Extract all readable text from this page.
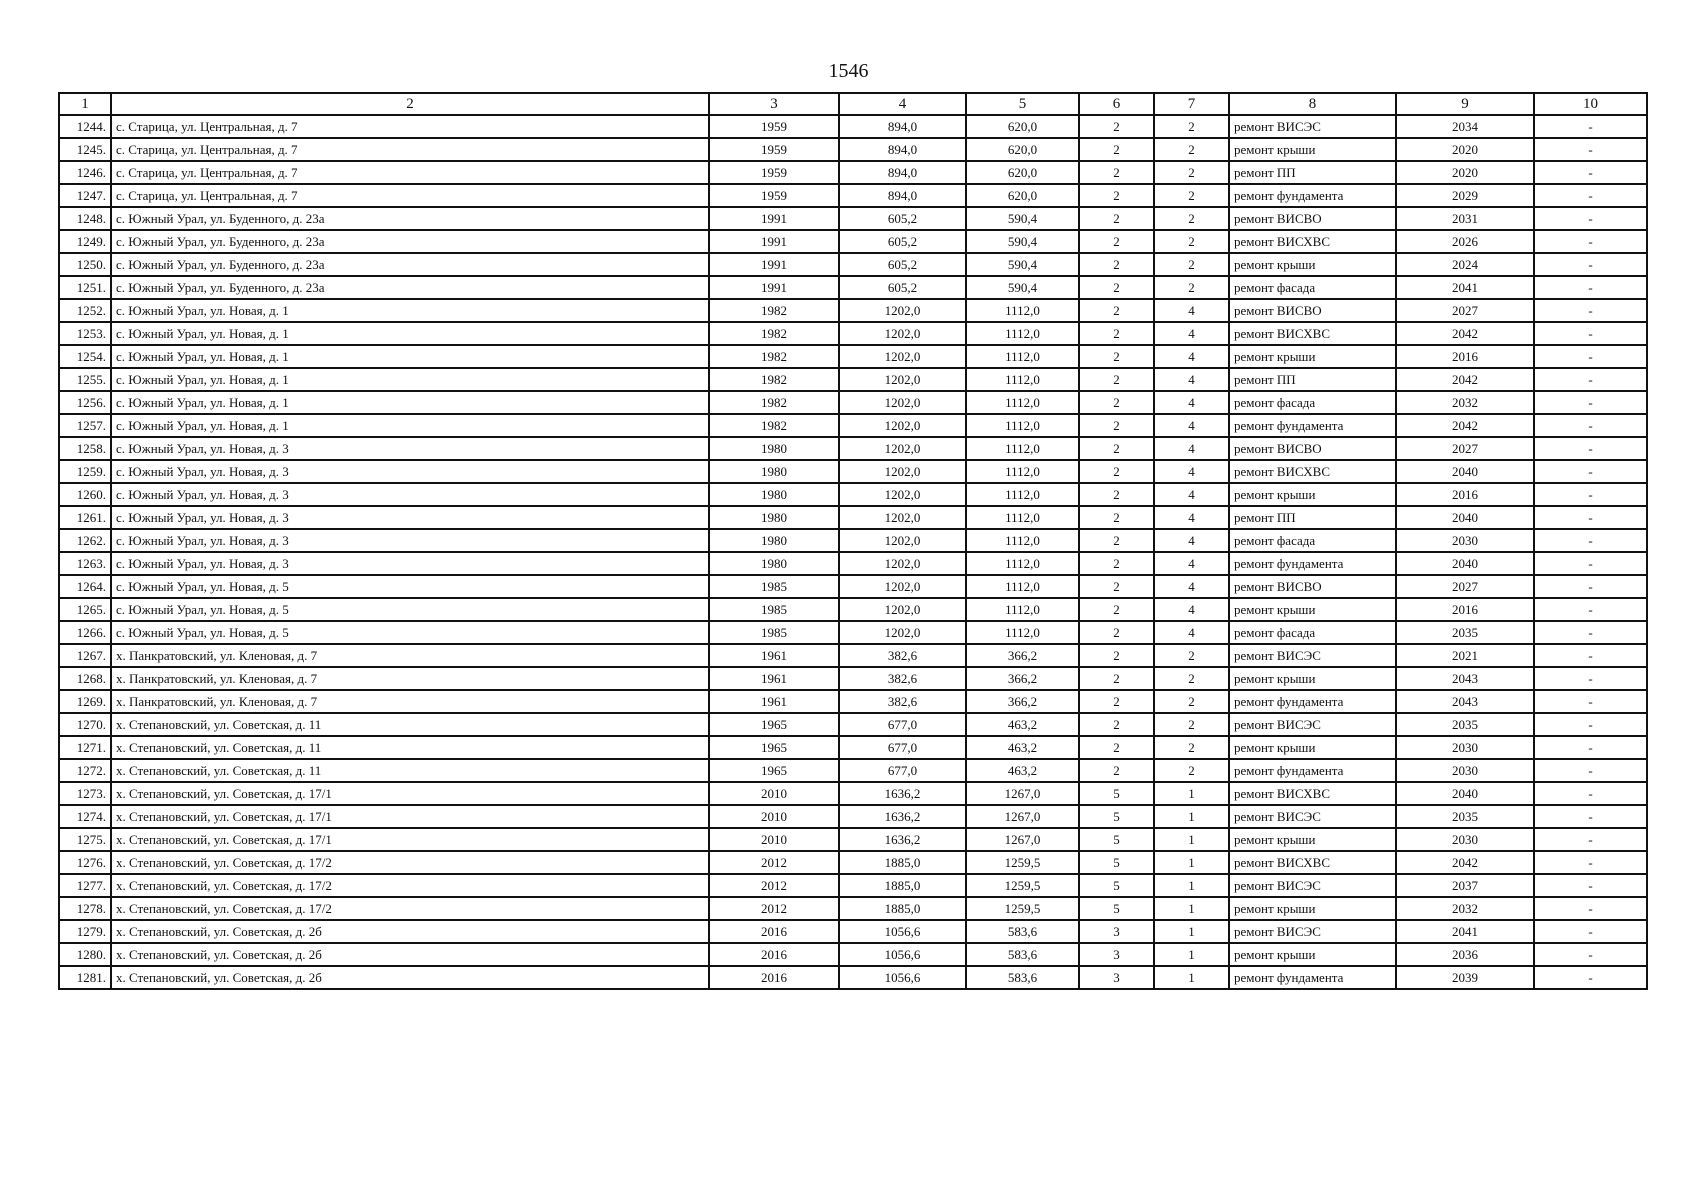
1546
1	2	3	4	5	6	7	8	9	10
1244.	с. Старица, ул. Центральная, д. 7	1959	894,0	620,0	2	2	ремонт ВИСЭС	2034	-
1245.	с. Старица, ул. Центральная, д. 7	1959	894,0	620,0	2	2	ремонт крыши	2020	-
1246.	с. Старица, ул. Центральная, д. 7	1959	894,0	620,0	2	2	ремонт ПП	2020	-
1247.	с. Старица, ул. Центральная, д. 7	1959	894,0	620,0	2	2	ремонт фундамента	2029	-
1248.	с. Южный Урал, ул. Буденного, д. 23а	1991	605,2	590,4	2	2	ремонт ВИСВО	2031	-
1249.	с. Южный Урал, ул. Буденного, д. 23а	1991	605,2	590,4	2	2	ремонт ВИСХВС	2026	-
1250.	с. Южный Урал, ул. Буденного, д. 23а	1991	605,2	590,4	2	2	ремонт крыши	2024	-
1251.	с. Южный Урал, ул. Буденного, д. 23а	1991	605,2	590,4	2	2	ремонт фасада	2041	-
1252.	с. Южный Урал, ул. Новая, д. 1	1982	1202,0	1112,0	2	4	ремонт ВИСВО	2027	-
1253.	с. Южный Урал, ул. Новая, д. 1	1982	1202,0	1112,0	2	4	ремонт ВИСХВС	2042	-
1254.	с. Южный Урал, ул. Новая, д. 1	1982	1202,0	1112,0	2	4	ремонт крыши	2016	-
1255.	с. Южный Урал, ул. Новая, д. 1	1982	1202,0	1112,0	2	4	ремонт ПП	2042	-
1256.	с. Южный Урал, ул. Новая, д. 1	1982	1202,0	1112,0	2	4	ремонт фасада	2032	-
1257.	с. Южный Урал, ул. Новая, д. 1	1982	1202,0	1112,0	2	4	ремонт фундамента	2042	-
1258.	с. Южный Урал, ул. Новая, д. 3	1980	1202,0	1112,0	2	4	ремонт ВИСВО	2027	-
1259.	с. Южный Урал, ул. Новая, д. 3	1980	1202,0	1112,0	2	4	ремонт ВИСХВС	2040	-
1260.	с. Южный Урал, ул. Новая, д. 3	1980	1202,0	1112,0	2	4	ремонт крыши	2016	-
1261.	с. Южный Урал, ул. Новая, д. 3	1980	1202,0	1112,0	2	4	ремонт ПП	2040	-
1262.	с. Южный Урал, ул. Новая, д. 3	1980	1202,0	1112,0	2	4	ремонт фасада	2030	-
1263.	с. Южный Урал, ул. Новая, д. 3	1980	1202,0	1112,0	2	4	ремонт фундамента	2040	-
1264.	с. Южный Урал, ул. Новая, д. 5	1985	1202,0	1112,0	2	4	ремонт ВИСВО	2027	-
1265.	с. Южный Урал, ул. Новая, д. 5	1985	1202,0	1112,0	2	4	ремонт крыши	2016	-
1266.	с. Южный Урал, ул. Новая, д. 5	1985	1202,0	1112,0	2	4	ремонт фасада	2035	-
1267.	х. Панкратовский, ул. Кленовая, д. 7	1961	382,6	366,2	2	2	ремонт ВИСЭС	2021	-
1268.	х. Панкратовский, ул. Кленовая, д. 7	1961	382,6	366,2	2	2	ремонт крыши	2043	-
1269.	х. Панкратовский, ул. Кленовая, д. 7	1961	382,6	366,2	2	2	ремонт фундамента	2043	-
1270.	х. Степановский, ул. Советская, д. 11	1965	677,0	463,2	2	2	ремонт ВИСЭС	2035	-
1271.	х. Степановский, ул. Советская, д. 11	1965	677,0	463,2	2	2	ремонт крыши	2030	-
1272.	х. Степановский, ул. Советская, д. 11	1965	677,0	463,2	2	2	ремонт фундамента	2030	-
1273.	х. Степановский, ул. Советская, д. 17/1	2010	1636,2	1267,0	5	1	ремонт ВИСХВС	2040	-
1274.	х. Степановский, ул. Советская, д. 17/1	2010	1636,2	1267,0	5	1	ремонт ВИСЭС	2035	-
1275.	х. Степановский, ул. Советская, д. 17/1	2010	1636,2	1267,0	5	1	ремонт крыши	2030	-
1276.	х. Степановский, ул. Советская, д. 17/2	2012	1885,0	1259,5	5	1	ремонт ВИСХВС	2042	-
1277.	х. Степановский, ул. Советская, д. 17/2	2012	1885,0	1259,5	5	1	ремонт ВИСЭС	2037	-
1278.	х. Степановский, ул. Советская, д. 17/2	2012	1885,0	1259,5	5	1	ремонт крыши	2032	-
1279.	х. Степановский, ул. Советская, д. 2б	2016	1056,6	583,6	3	1	ремонт ВИСЭС	2041	-
1280.	х. Степановский, ул. Советская, д. 2б	2016	1056,6	583,6	3	1	ремонт крыши	2036	-
1281.	х. Степановский, ул. Советская, д. 2б	2016	1056,6	583,6	3	1	ремонт фундамента	2039	-
